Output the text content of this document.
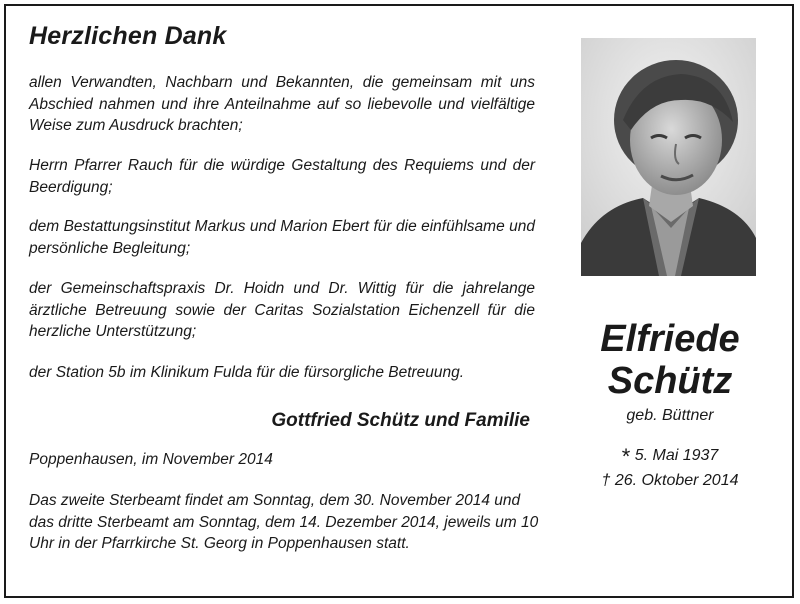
Herzlichen Dank

allen Verwandten, Nachbarn und Bekannten, die gemeinsam mit uns Abschied nahmen und ihre Anteilnahme auf so liebevolle und vielfältige Weise zum Ausdruck brachten;

Herrn Pfarrer Rauch für die würdige Gestaltung des Requiems und der Beerdigung;

dem Bestattungsinstitut Markus und Marion Ebert für die einfühlsame und persönliche Begleitung;

der Gemeinschaftspraxis Dr. Hoidn und Dr. Wittig für die jahrelange ärztliche Betreuung sowie der Caritas Sozialstation Eichenzell für die herzliche Unterstützung;

der Station 5b im Klinikum Fulda für die fürsorgliche Betreuung.

Gottfried Schütz und Familie
Poppenhausen, im November 2014

Das zweite Sterbeamt findet am Sonntag, dem 30. November 2014 und das dritte Sterbeamt am Sonntag, dem 14. Dezember 2014, jeweils um 10 Uhr in der Pfarrkirche St. Georg in Poppenhausen statt.

Elfriede
Schütz
geb. Büttner
* 5. Mai 1937
† 26. Oktober 2014
